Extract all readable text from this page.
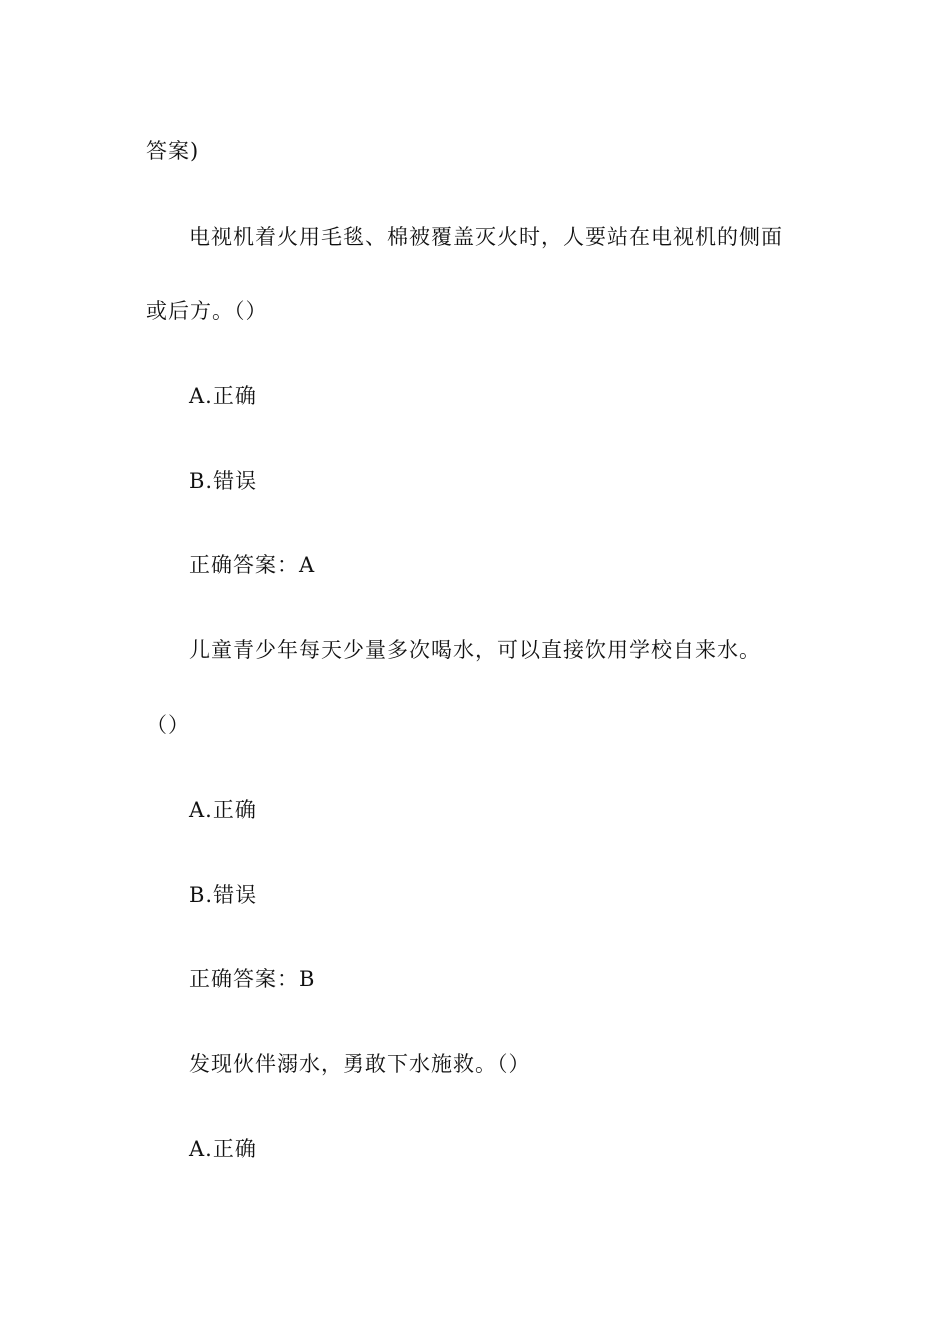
答案)
电视机着火用毛毯、棉被覆盖灭火时，人要站在电视机的侧面
或后方。（）
A.正确
B.错误
正确答案：A
儿童青少年每天少量多次喝水，可以直接饮用学校自来水。
（）
A.正确
B.错误
正确答案：B
发现伙伴溺水，勇敢下水施救。（）
A.正确
